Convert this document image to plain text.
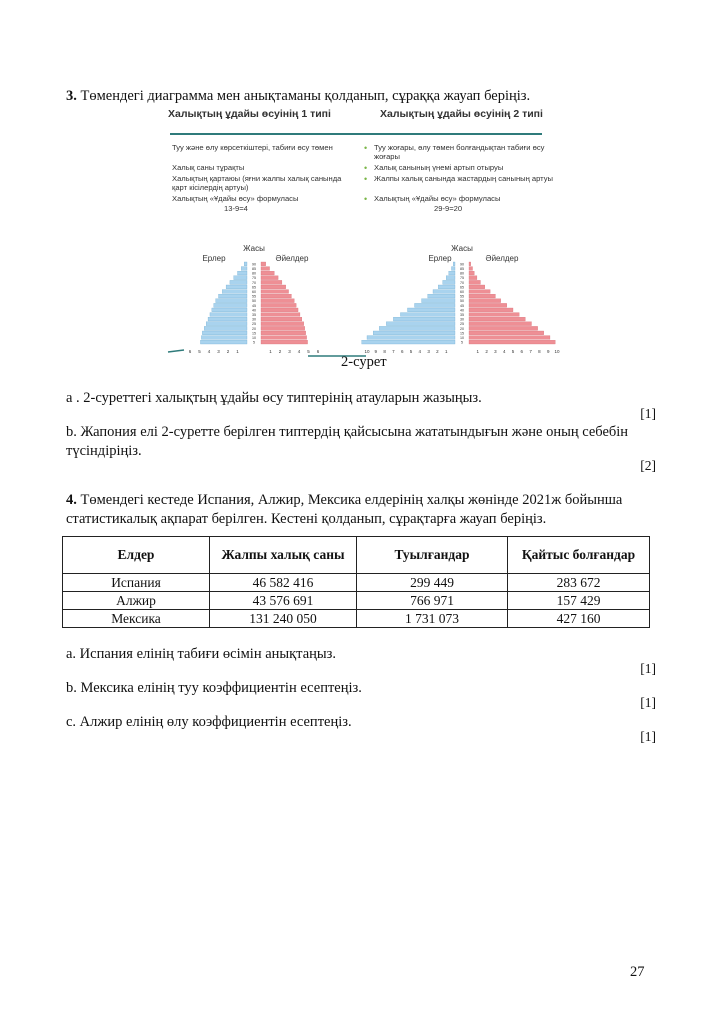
3. Төмендегі диаграмма мен анықтаманы қолданып, сұраққа жауап беріңіз.
Халықтың ұдайы өсуінің 1 типі	Халықтың ұдайы өсуінің 2 типі
Туу және өлу көрсеткіштері, табиғи өсу төмен
Халық саны тұрақты
Халықтың қартаюы (яғни жалпы халық санында қарт кісілердің артуы)
Халықтың «Ұдайы өсу» формуласы
13-9=4
• Туу жоғары, өлу төмен болғандықтан табиғи өсу жоғары
• Халық санының үнемі артып отыруы
• Жалпы халық санында жастардың санының артуы
• Халықтың «Ұдайы өсу» формуласы
29-9=20
Жасы
Ерлер	Әйелдер
90
85
80
75
70
65
60
55
50
45
40
35
30
25
20
15
10
5
6 5 4 3 2 1	1 2 3 4 5 6
Жасы
Ерлер	Әйелдер
90
85
80
75
70
65
60
55
50
45
40
35
30
25
20
15
10
5
10 9 8 7 6 5 4 3 2 1	1 2 3 4 5 6 7 8 9 10
2-сурет
а . 2-суреттегі халықтың ұдайы өсу типтерінің атауларын жазыңыз.
[1]
b. Жапония елі 2-суретте берілген типтердің қайсысына жататындығын және оның себебін
түсіндіріңіз.
[2]
4. Төмендегі кестеде Испания, Алжир, Мексика елдерінің халқы жөнінде 2021ж бойынша
статистикалық ақпарат берілген. Кестені қолданып, сұрақтарға жауап беріңіз.
Елдер	Жалпы халық саны	Туылғандар	Қайтыс болғандар
Испания	46 582 416	299 449	283 672
Алжир	43 576 691	766 971	157 429
Мексика	131 240 050	1 731 073	427 160
a. Испания елінің табиғи өсімін анықтаңыз.
[1]
b. Мексика елінің туу коэффициентін есептеңіз.
[1]
c. Алжир елінің өлу коэффициентін есептеңіз.
[1]
27
